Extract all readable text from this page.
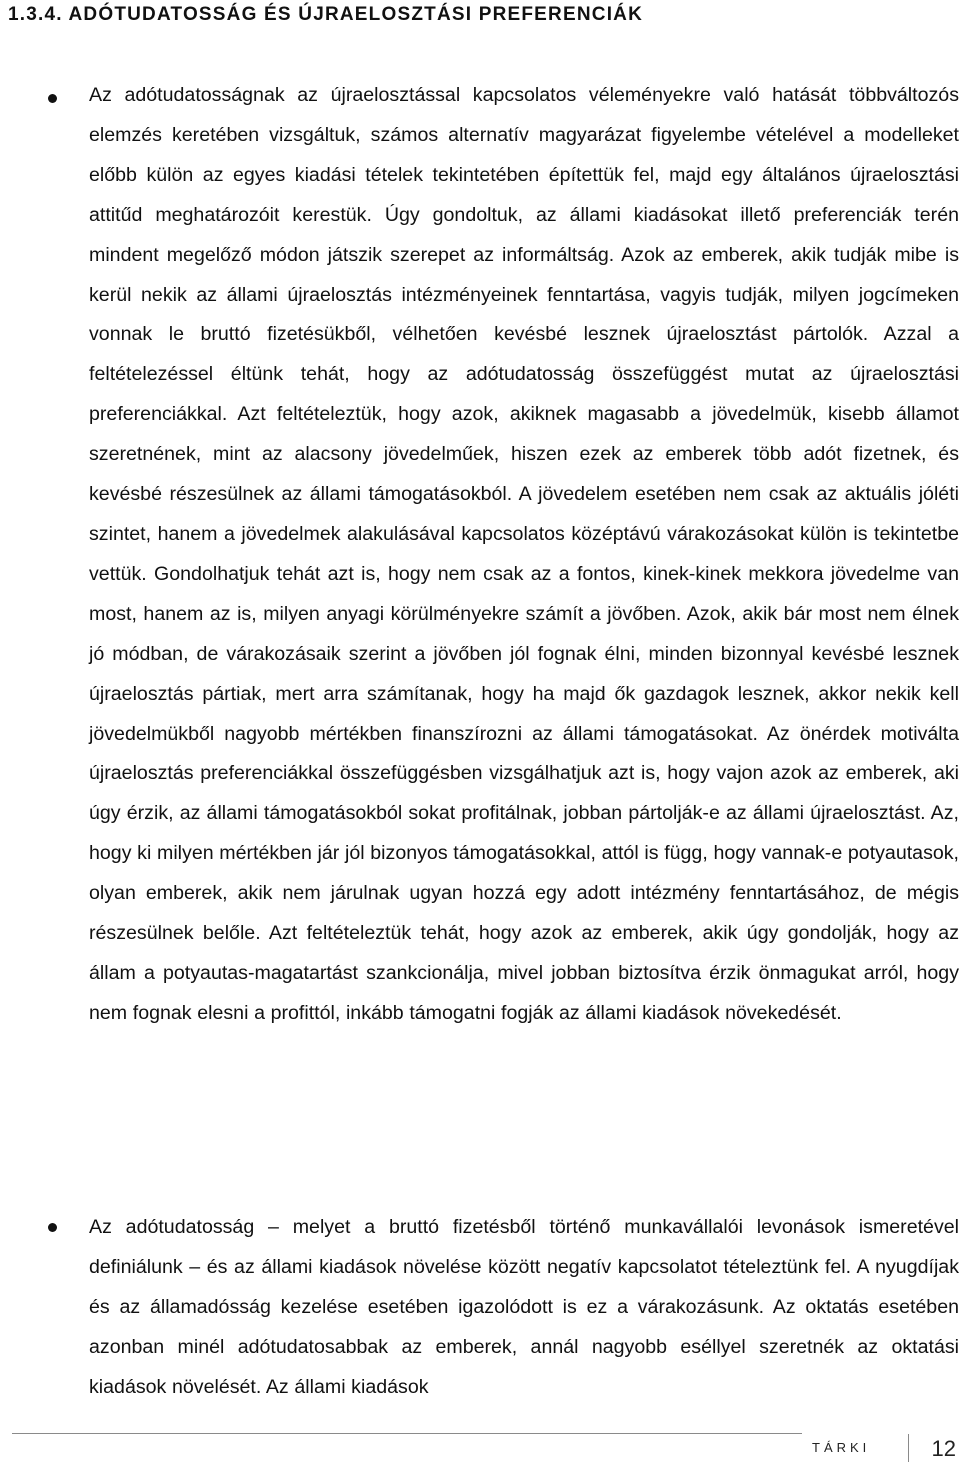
1.3.4. ADÓTUDATOSSÁG ÉS ÚJRAELOSZTÁSI PREFERENCIÁK
Az adótudatosságnak az újraelosztással kapcsolatos véleményekre való hatását többváltozós elemzés keretében vizsgáltuk, számos alternatív magyarázat figyelembe vételével a modelleket előbb külön az egyes kiadási tételek tekintetében építettük fel, majd egy általános újraelosztási attitűd meghatározóit kerestük. Úgy gondoltuk, az állami kiadásokat illető preferenciák terén mindent megelőző módon játszik szerepet az informáltság. Azok az emberek, akik tudják mibe is kerül nekik az állami újraelosztás intézményeinek fenntartása, vagyis tudják, milyen jogcímeken vonnak le bruttó fizetésükből, vélhetően kevésbé lesznek újraelosztást pártolók. Azzal a feltételezéssel éltünk tehát, hogy az adótudatosság összefüggést mutat az újraelosztási preferenciákkal. Azt feltételeztük, hogy azok, akiknek magasabb a jövedelmük, kisebb államot szeretnének, mint az alacsony jövedelműek, hiszen ezek az emberek több adót fizetnek, és kevésbé részesülnek az állami támogatásokból. A jövedelem esetében nem csak az aktuális jóléti szintet, hanem a jövedelmek alakulásával kapcsolatos középtávú várakozásokat külön is tekintetbe vettük. Gondolhatjuk tehát azt is, hogy nem csak az a fontos, kinek-kinek mekkora jövedelme van most, hanem az is, milyen anyagi körülményekre számít a jövőben. Azok, akik bár most nem élnek jó módban, de várakozásaik szerint a jövőben jól fognak élni, minden bizonnyal kevésbé lesznek újraelosztás pártiak, mert arra számítanak, hogy ha majd ők gazdagok lesznek, akkor nekik kell jövedelmükből nagyobb mértékben finanszírozni az állami támogatásokat. Az önérdek motiválta újraelosztás preferenciákkal összefüggésben vizsgálhatjuk azt is, hogy vajon azok az emberek, aki úgy érzik, az állami támogatásokból sokat profitálnak, jobban pártolják-e az állami újraelosztást. Az, hogy ki milyen mértékben jár jól bizonyos támogatásokkal, attól is függ, hogy vannak-e potyautasok, olyan emberek, akik nem járulnak ugyan hozzá egy adott intézmény fenntartásához, de mégis részesülnek belőle. Azt feltételeztük tehát, hogy azok az emberek, akik úgy gondolják, hogy az állam a potyautas-magatartást szankcionálja, mivel jobban biztosítva érzik önmagukat arról, hogy nem fognak elesni a profittól, inkább támogatni fogják az állami kiadások növekedését.
Az adótudatosság – melyet a bruttó fizetésből történő munkavállalói levonások ismeretével definiálunk – és az állami kiadások növelése között negatív kapcsolatot tételeztünk fel. A nyugdíjak és az államadósság kezelése esetében igazolódott is ez a várakozásunk. Az oktatás esetében azonban minél adótudatosabbak az emberek, annál nagyobb eséllyel szeretnék az oktatási kiadások növelését. Az állami kiadások
TÁRKI	12
